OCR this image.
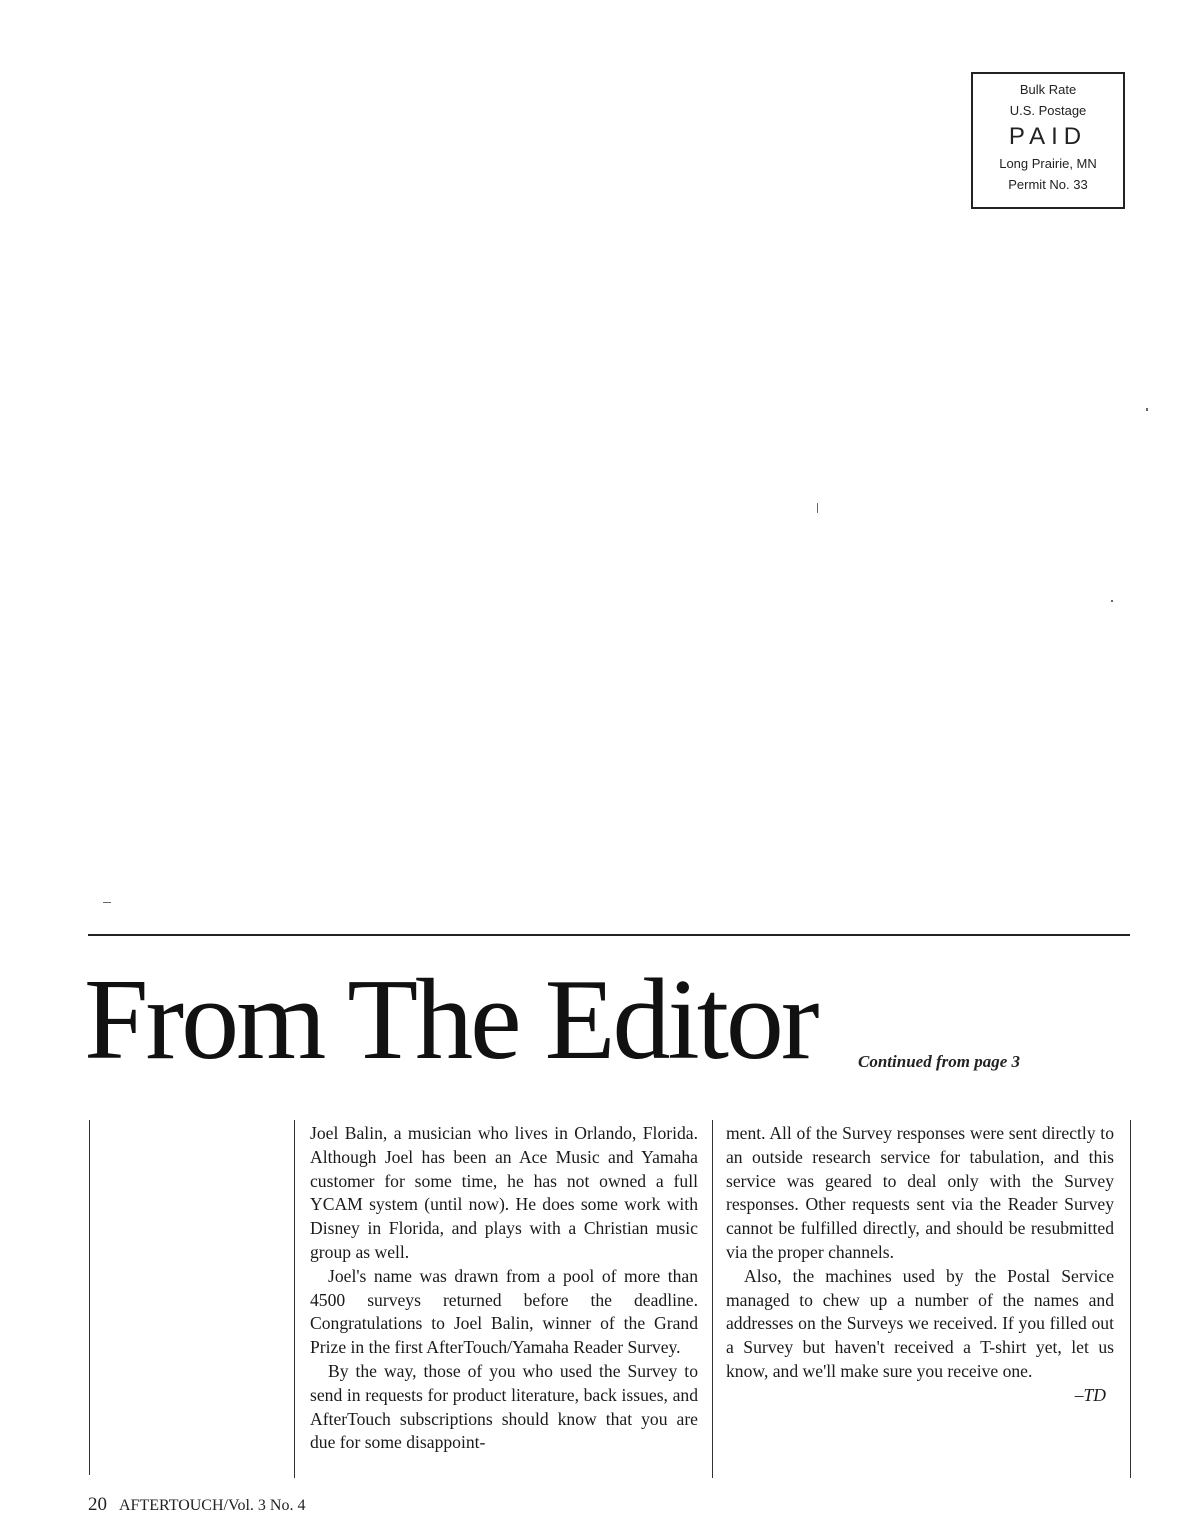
Bulk Rate
U.S. Postage
PAID
Long Prairie, MN
Permit No. 33
From The Editor Continued from page 3

Joel Balin, a musician who lives in Orlando, Florida. Although Joel has been an Ace Music and Yamaha customer for some time, he has not owned a full YCAM system (until now). He does some work with Disney in Florida, and plays with a Christian music group as well.

Joel's name was drawn from a pool of more than 4500 surveys returned before the deadline. Congratulations to Joel Balin, winner of the Grand Prize in the first AfterTouch/Yamaha Reader Survey.

By the way, those of you who used the Survey to send in requests for product literature, back issues, and AfterTouch subscriptions should know that you are due for some disappoint-

ment. All of the Survey responses were sent directly to an outside research service for tabulation, and this service was geared to deal only with the Survey responses. Other requests sent via the Reader Survey cannot be fulfilled directly, and should be resubmitted via the proper channels.

Also, the machines used by the Postal Service managed to chew up a number of the names and addresses on the Surveys we received. If you filled out a Survey but haven't received a T-shirt yet, let us know, and we'll make sure you receive one.

–TD

20 AFTERTOUCH/Vol. 3 No. 4
